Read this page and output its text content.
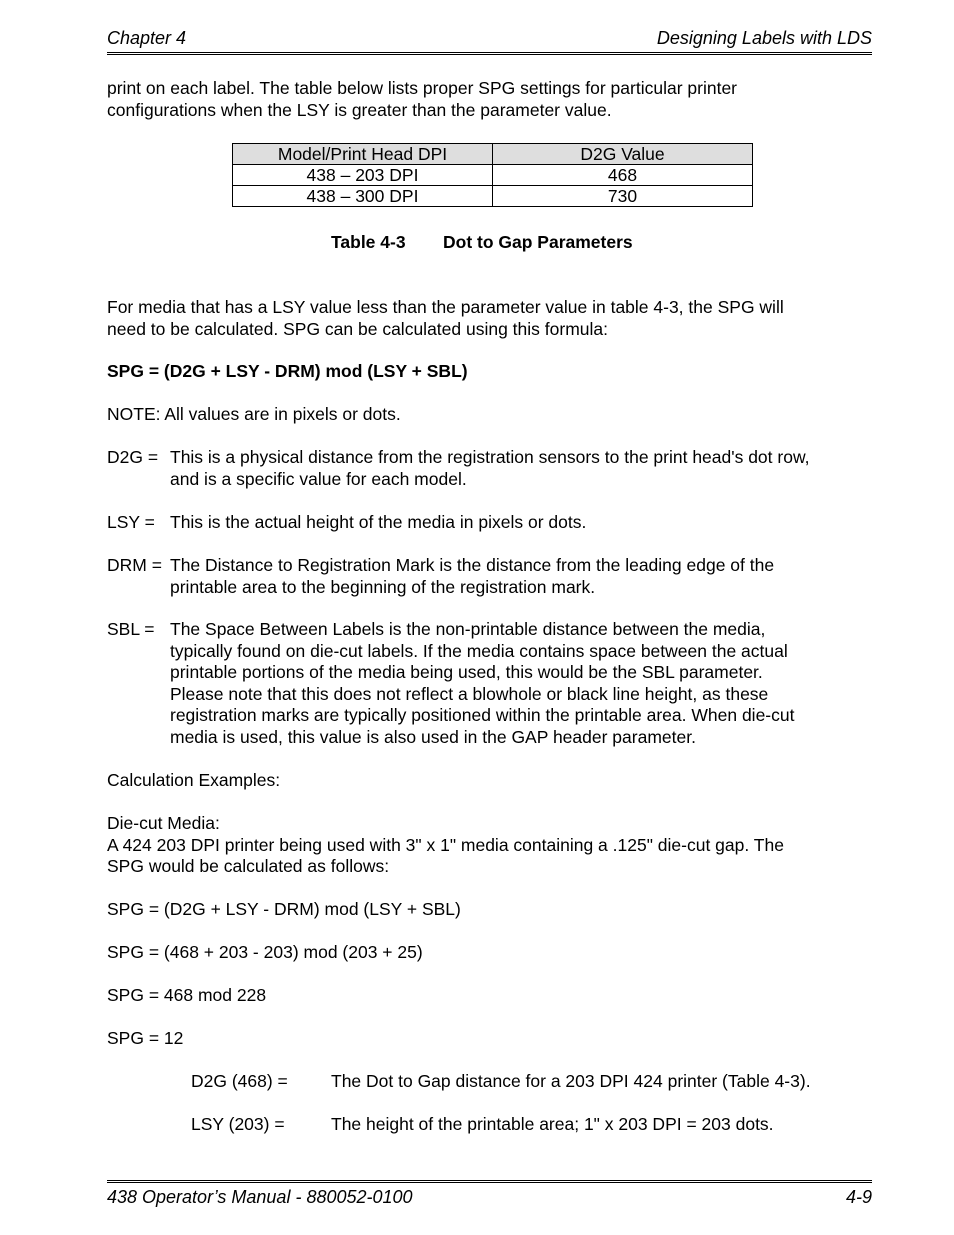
Chapter 4	Designing Labels with LDS

print on each label. The table below lists proper SPG settings for particular printer
configurations when the LSY is greater than the parameter value.

Model/Print Head DPI	D2G Value
438 – 203 DPI	468
438 – 300 DPI	730
Table 4-3 Dot to Gap Parameters

For media that has a LSY value less than the parameter value in table 4-3, the SPG will
need to be calculated. SPG can be calculated using this formula:

SPG = (D2G + LSY - DRM) mod (LSY + SBL)

NOTE: All values are in pixels or dots.

D2G = This is a physical distance from the registration sensors to the print head's dot row,
and is a specific value for each model.
LSY = This is the actual height of the media in pixels or dots.
DRM = The Distance to Registration Mark is the distance from the leading edge of the
printable area to the beginning of the registration mark.
SBL = The Space Between Labels is the non-printable distance between the media,
typically found on die-cut labels. If the media contains space between the actual
printable portions of the media being used, this would be the SBL parameter.
Please note that this does not reflect a blowhole or black line height, as these
registration marks are typically positioned within the printable area. When die-cut
media is used, this value is also used in the GAP header parameter.

Calculation Examples:

Die-cut Media:
A 424 203 DPI printer being used with 3" x 1" media containing a .125" die-cut gap. The
SPG would be calculated as follows:

SPG = (D2G + LSY - DRM) mod (LSY + SBL)

SPG = (468 + 203 - 203) mod (203 + 25)

SPG = 468 mod 228

SPG = 12

D2G (468) = The Dot to Gap distance for a 203 DPI 424 printer (Table 4-3).
LSY (203) =	The height of the printable area; 1" x 203 DPI = 203 dots.
438 Operator’s Manual - 880052-0100	4-9
